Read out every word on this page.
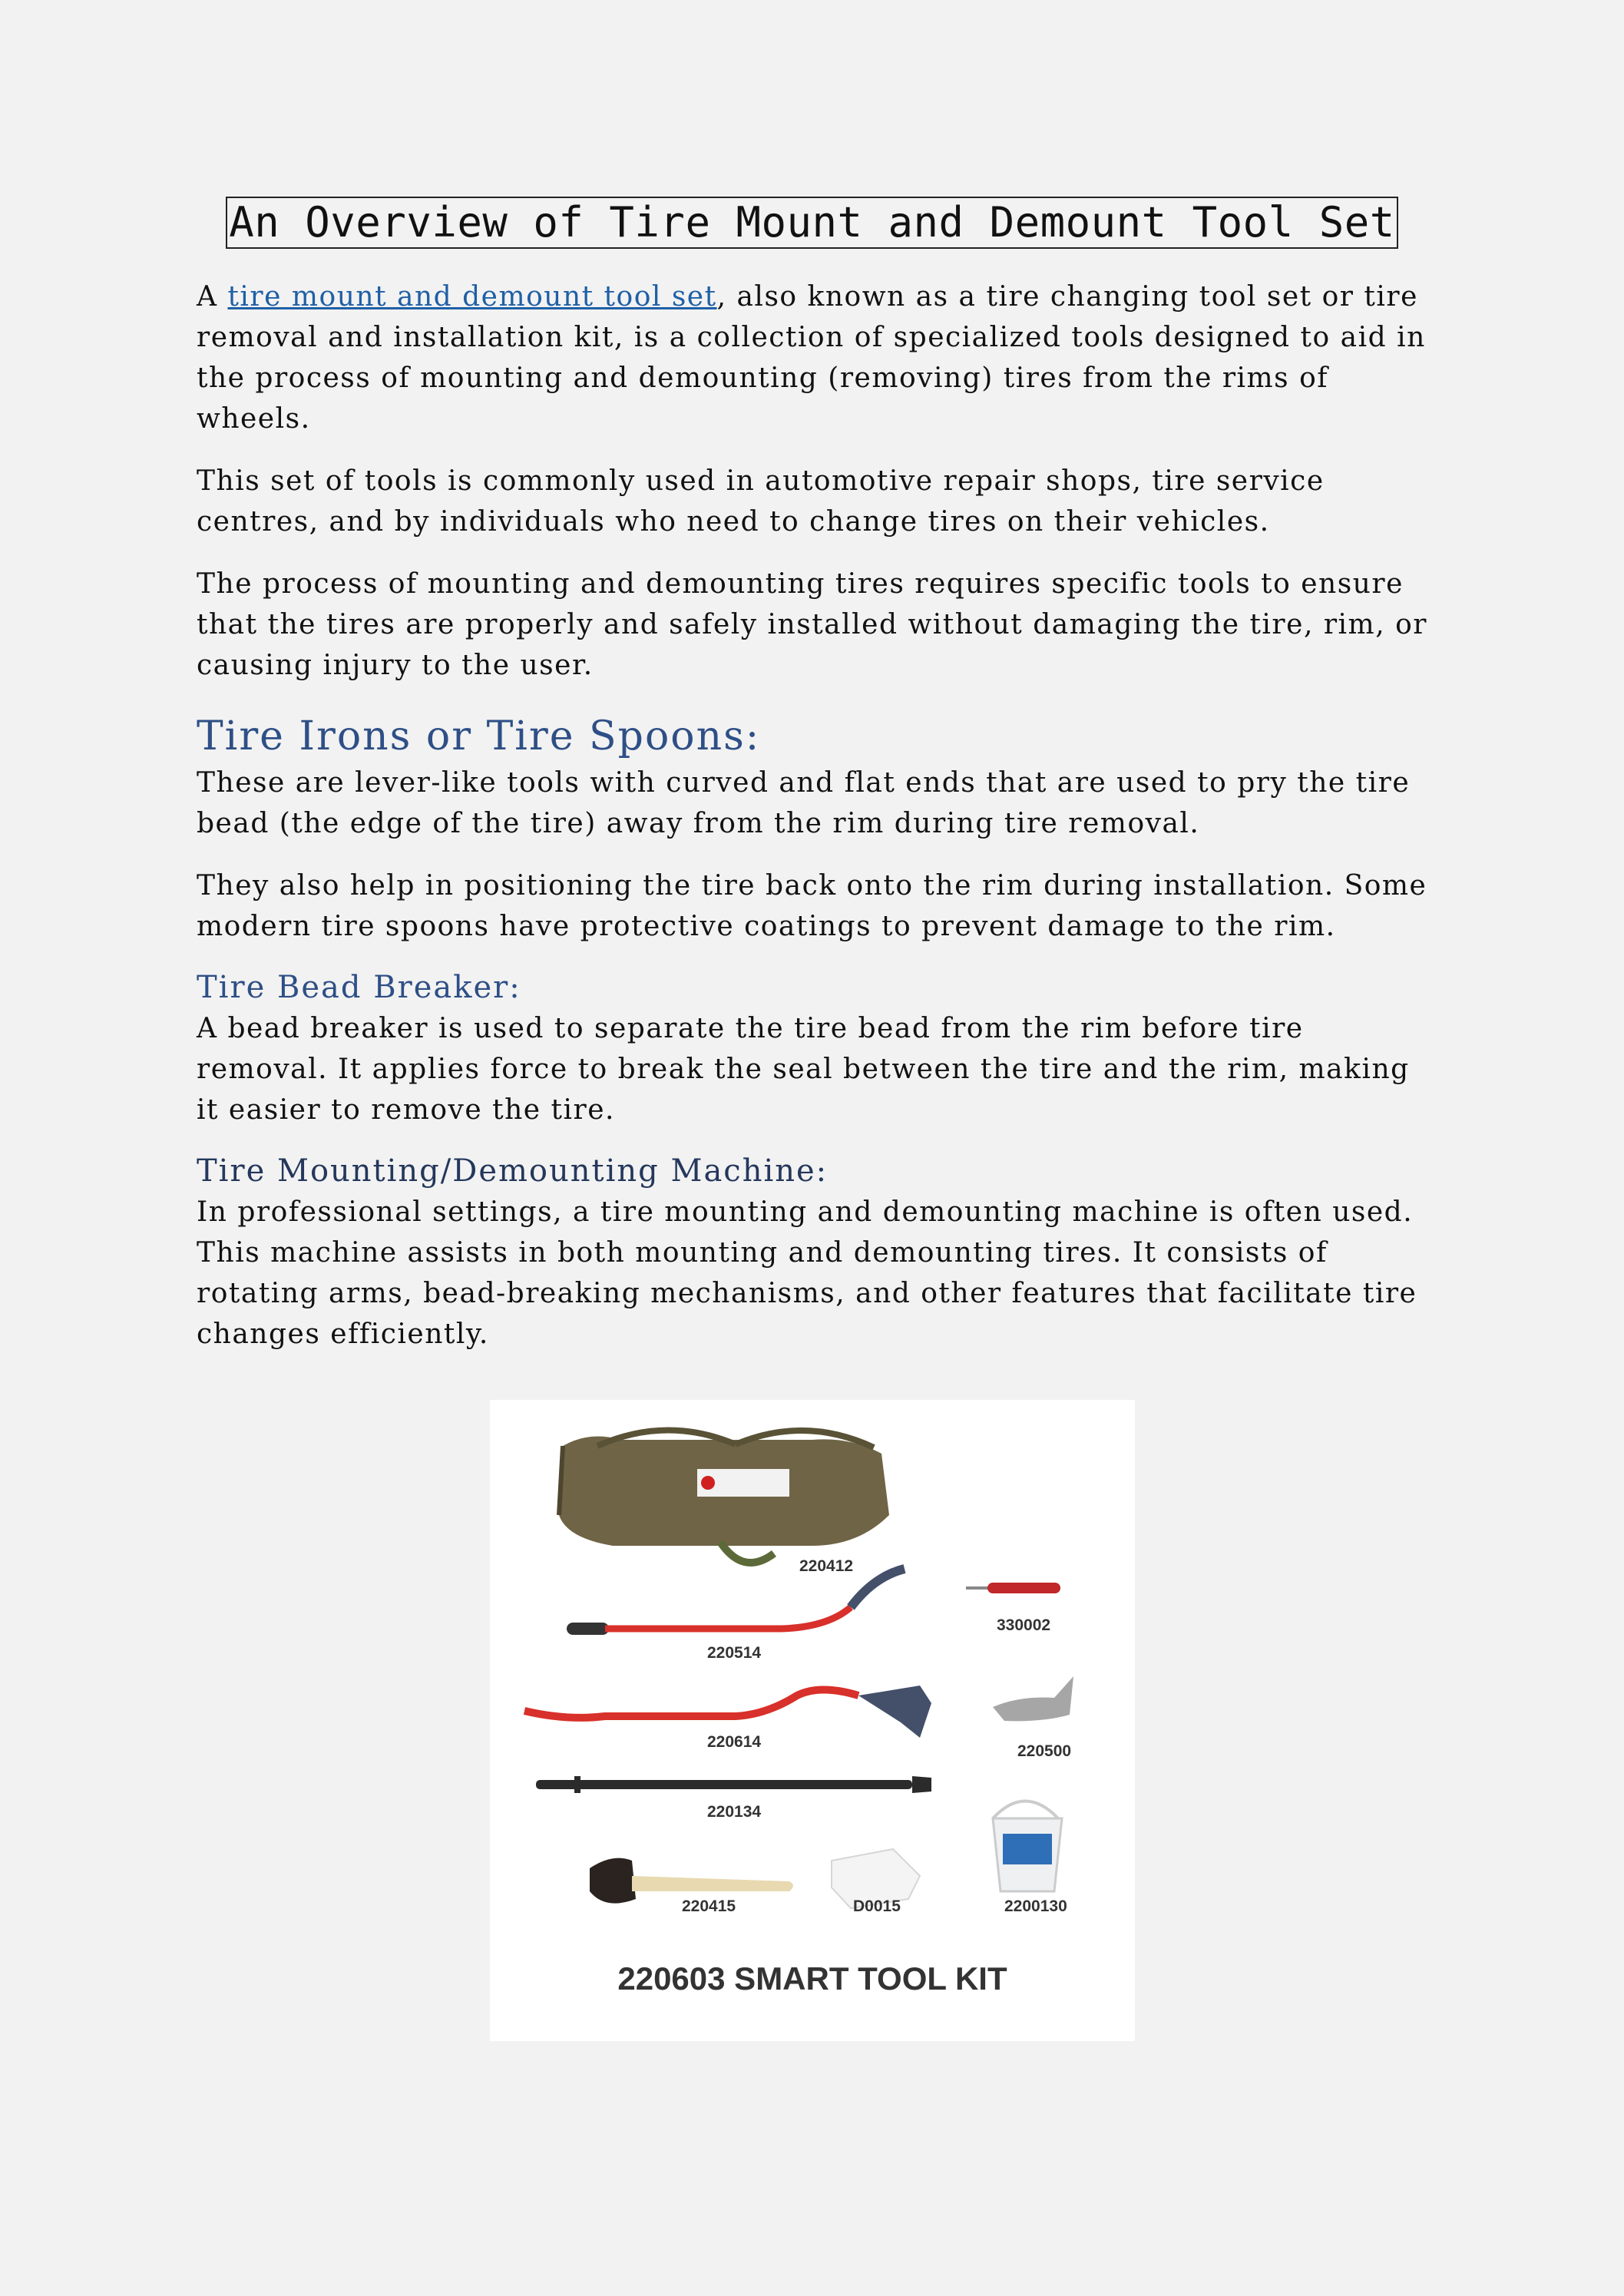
An Overview of Tire Mount and Demount Tool Set

A tire mount and demount tool set, also known as a tire changing tool set or tire removal and installation kit, is a collection of specialized tools designed to aid in the process of mounting and demounting (removing) tires from the rims of wheels.

This set of tools is commonly used in automotive repair shops, tire service centres, and by individuals who need to change tires on their vehicles.

The process of mounting and demounting tires requires specific tools to ensure that the tires are properly and safely installed without damaging the tire, rim, or causing injury to the user.

Tire Irons or Tire Spoons:

These are lever-like tools with curved and flat ends that are used to pry the tire bead (the edge of the tire) away from the rim during tire removal.

They also help in positioning the tire back onto the rim during installation. Some modern tire spoons have protective coatings to prevent damage to the rim.

Tire Bead Breaker:

A bead breaker is used to separate the tire bead from the rim before tire removal. It applies force to break the seal between the tire and the rim, making it easier to remove the tire.

Tire Mounting/Demounting Machine:

In professional settings, a tire mounting and demounting machine is often used. This machine assists in both mounting and demounting tires. It consists of rotating arms, bead-breaking mechanisms, and other features that facilitate tire changes efficiently.

220412
330002
220514
220614
220500
220134
220415	D0015	2200130
220603 SMART TOOL KIT
